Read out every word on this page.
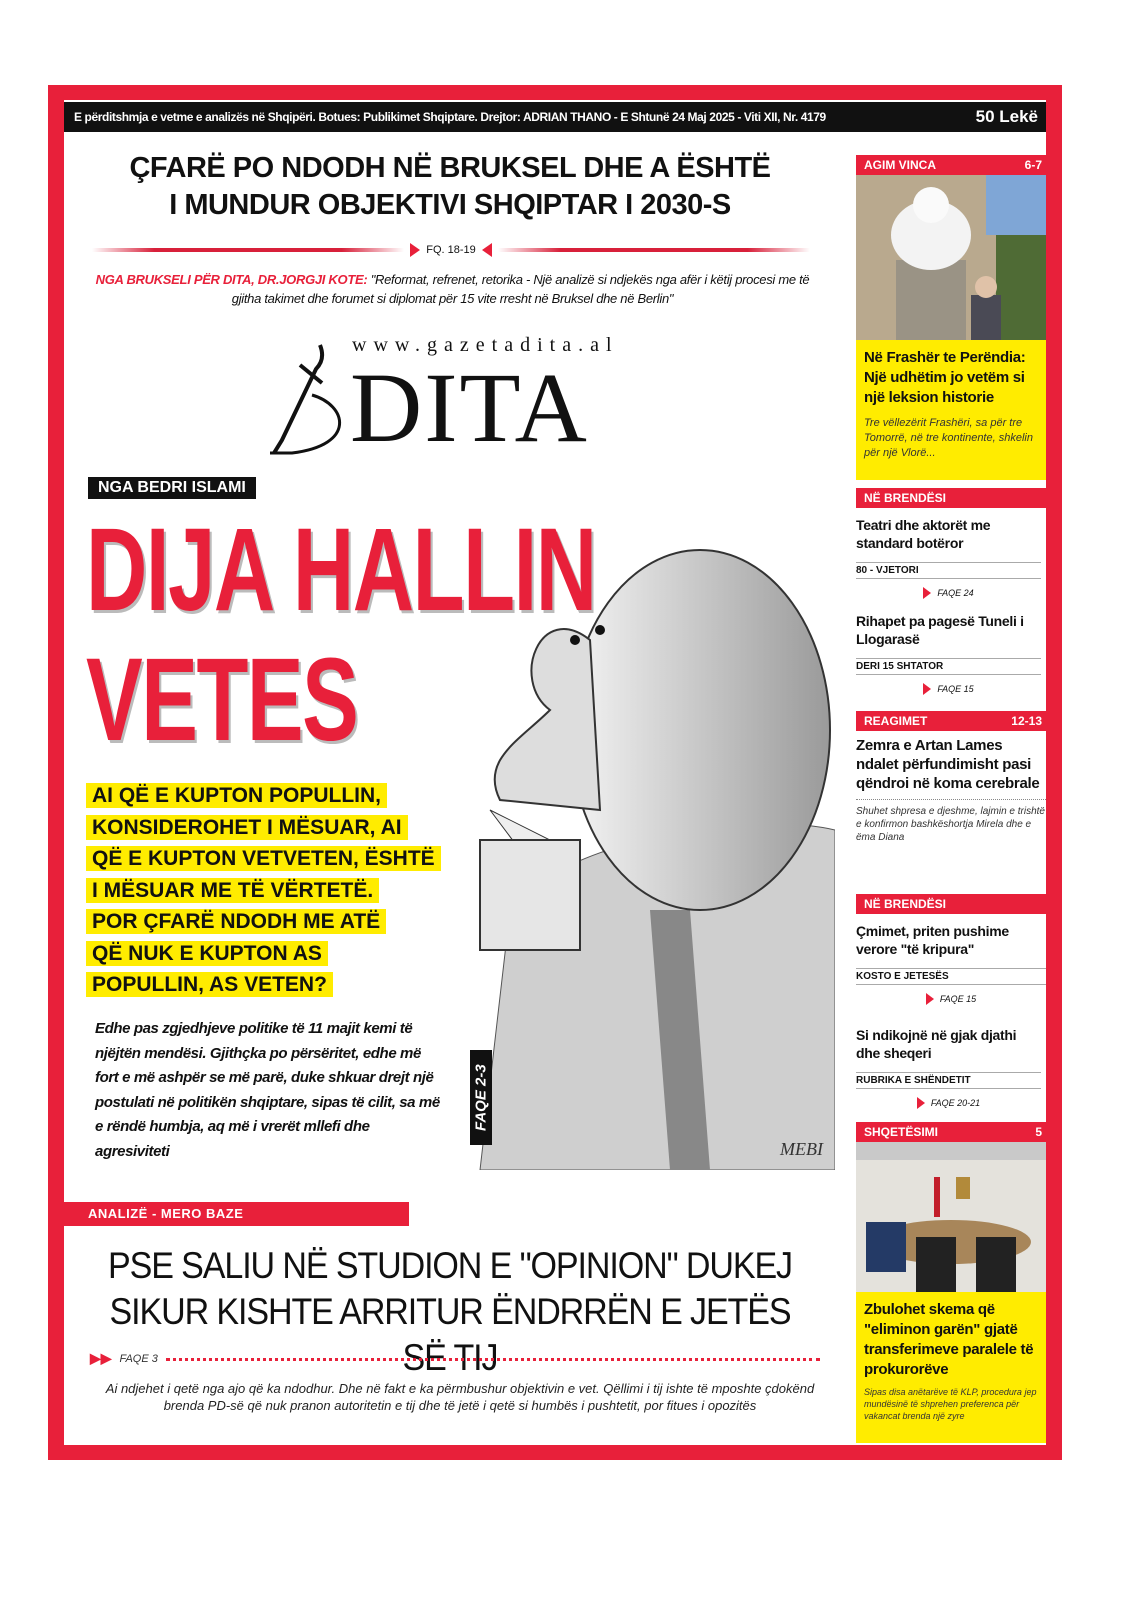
E përditshmja e vetme e analizës në Shqipëri. Botues: Publikimet Shqiptare. Drejtor: ADRIAN THANO - E Shtunë 24 Maj 2025 - Viti XII, Nr. 4179	50 Lekë
ÇFARË PO NDODH NË BRUKSEL DHE A ËSHTË
I MUNDUR OBJEKTIVI SHQIPTAR I 2030-S
FQ. 18-19
NGA BRUKSELI PËR DITA, DR.JORGJI KOTE: "Reformat, refrenet, retorika - Një analizë si ndjekës nga afër i këtij procesi me të gjitha takimet dhe forumet si diplomat për 15 vite rresht në Bruksel dhe në Berlin"
www.gazetadita.al
DITA
NGA BEDRI ISLAMI
MEBI
DIJA HALLIN
VETES
AI QË E KUPTON POPULLIN,
KONSIDEROHET I MËSUAR, AI
QË E KUPTON VETVETEN, ËSHTË
I MËSUAR ME TË VËRTETË.
POR ÇFARË NDODH ME ATË
QË NUK E KUPTON AS
POPULLIN, AS VETEN?
Edhe pas zgjedhjeve politike të 11 majit kemi të njëjtën mendësi. Gjithçka po përsëritet, edhe më fort e më ashpër se më parë, duke shkuar drejt një postulati në politikën shqiptare, sipas të cilit, sa më e rëndë humbja, aq më i vrerët mllefi dhe agresiviteti
FAQE 2-3
ANALIZË - MERO BAZE
PSE SALIU NË STUDION E "OPINION" DUKEJ
SIKUR KISHTE ARRITUR ËNDRRËN E JETËS SË TIJ
▶▶ FAQE 3
Ai ndjehet i qetë nga ajo që ka ndodhur. Dhe në fakt e ka përmbushur objektivin e vet. Qëllimi i tij ishte të mposhte çdokënd brenda PD-së që nuk pranon autoritetin e tij dhe të jetë i qetë si humbës i pushtetit, por fitues i opozitës
AGIM VINCA	6-7
Në Frashër te Perëndia: Një udhëtim jo vetëm si një leksion historie
Tre vëllezërit Frashëri, sa për tre Tomorrë, në tre kontinente, shkelin për një Vlorë...
NË BRENDËSI
Teatri dhe aktorët me standard botëror
80 - VJETORI
FAQE 24
Rihapet pa pagesë Tuneli i Llogarasë
DERI 15 SHTATOR
FAQE 15
REAGIMET	12-13
Zemra e Artan Lames ndalet përfundimisht pasi qëndroi në koma cerebrale
Shuhet shpresa e djeshme, lajmin e trishtë e konfirmon bashkëshortja Mirela dhe e ëma Diana
NË BRENDËSI
Çmimet, priten pushime verore "të kripura"
KOSTO E JETESËS
FAQE 15
Si ndikojnë në gjak djathi dhe sheqeri
RUBRIKA E SHËNDETIT
FAQE 20-21
SHQETËSIMI	5
Zbulohet skema që "eliminon garën" gjatë transferimeve paralele të prokurorëve
Sipas disa anëtarëve të KLP, procedura jep mundësinë të shprehen preferenca për vakancat brenda një zyre
